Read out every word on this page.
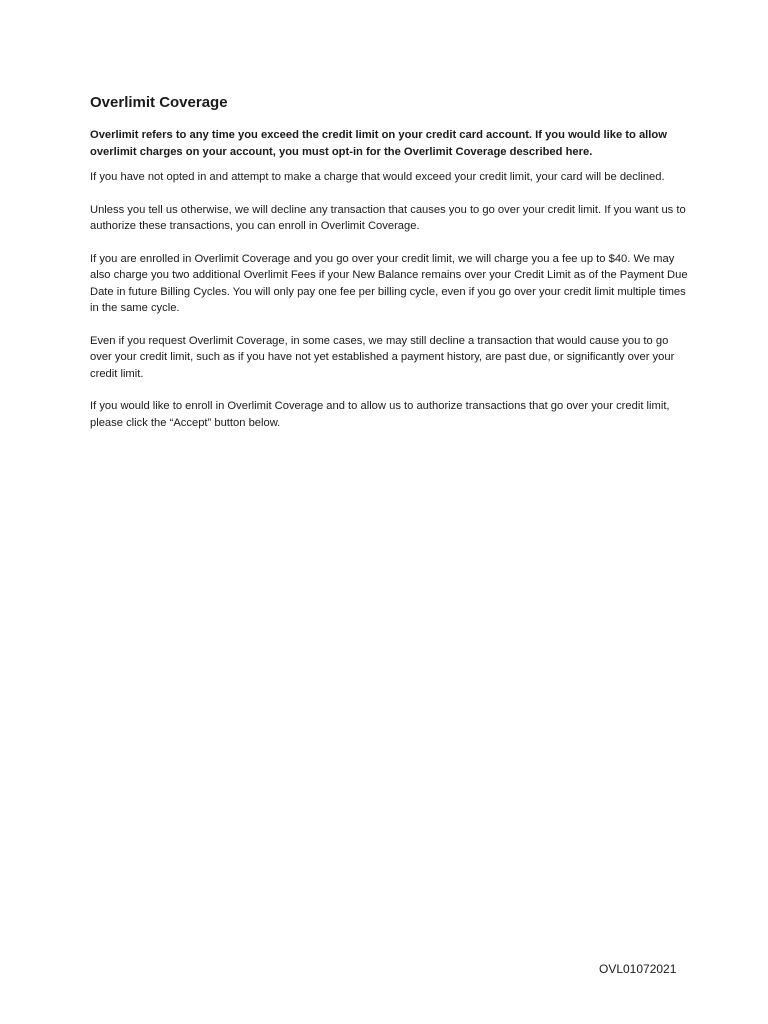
Overlimit Coverage

Overlimit refers to any time you exceed the credit limit on your credit card account. If you would like to allow overlimit charges on your account, you must opt-in for the Overlimit Coverage described here.

If you have not opted in and attempt to make a charge that would exceed your credit limit, your card will be declined.

Unless you tell us otherwise, we will decline any transaction that causes you to go over your credit limit. If you want us to authorize these transactions, you can enroll in Overlimit Coverage.

If you are enrolled in Overlimit Coverage and you go over your credit limit, we will charge you a fee up to $40. We may also charge you two additional Overlimit Fees if your New Balance remains over your Credit Limit as of the Payment Due Date in future Billing Cycles. You will only pay one fee per billing cycle, even if you go over your credit limit multiple times in the same cycle.

Even if you request Overlimit Coverage, in some cases, we may still decline a transaction that would cause you to go over your credit limit, such as if you have not yet established a payment history, are past due, or significantly over your credit limit.

If you would like to enroll in Overlimit Coverage and to allow us to authorize transactions that go over your credit limit, please click the “Accept” button below.

OVL01072021
